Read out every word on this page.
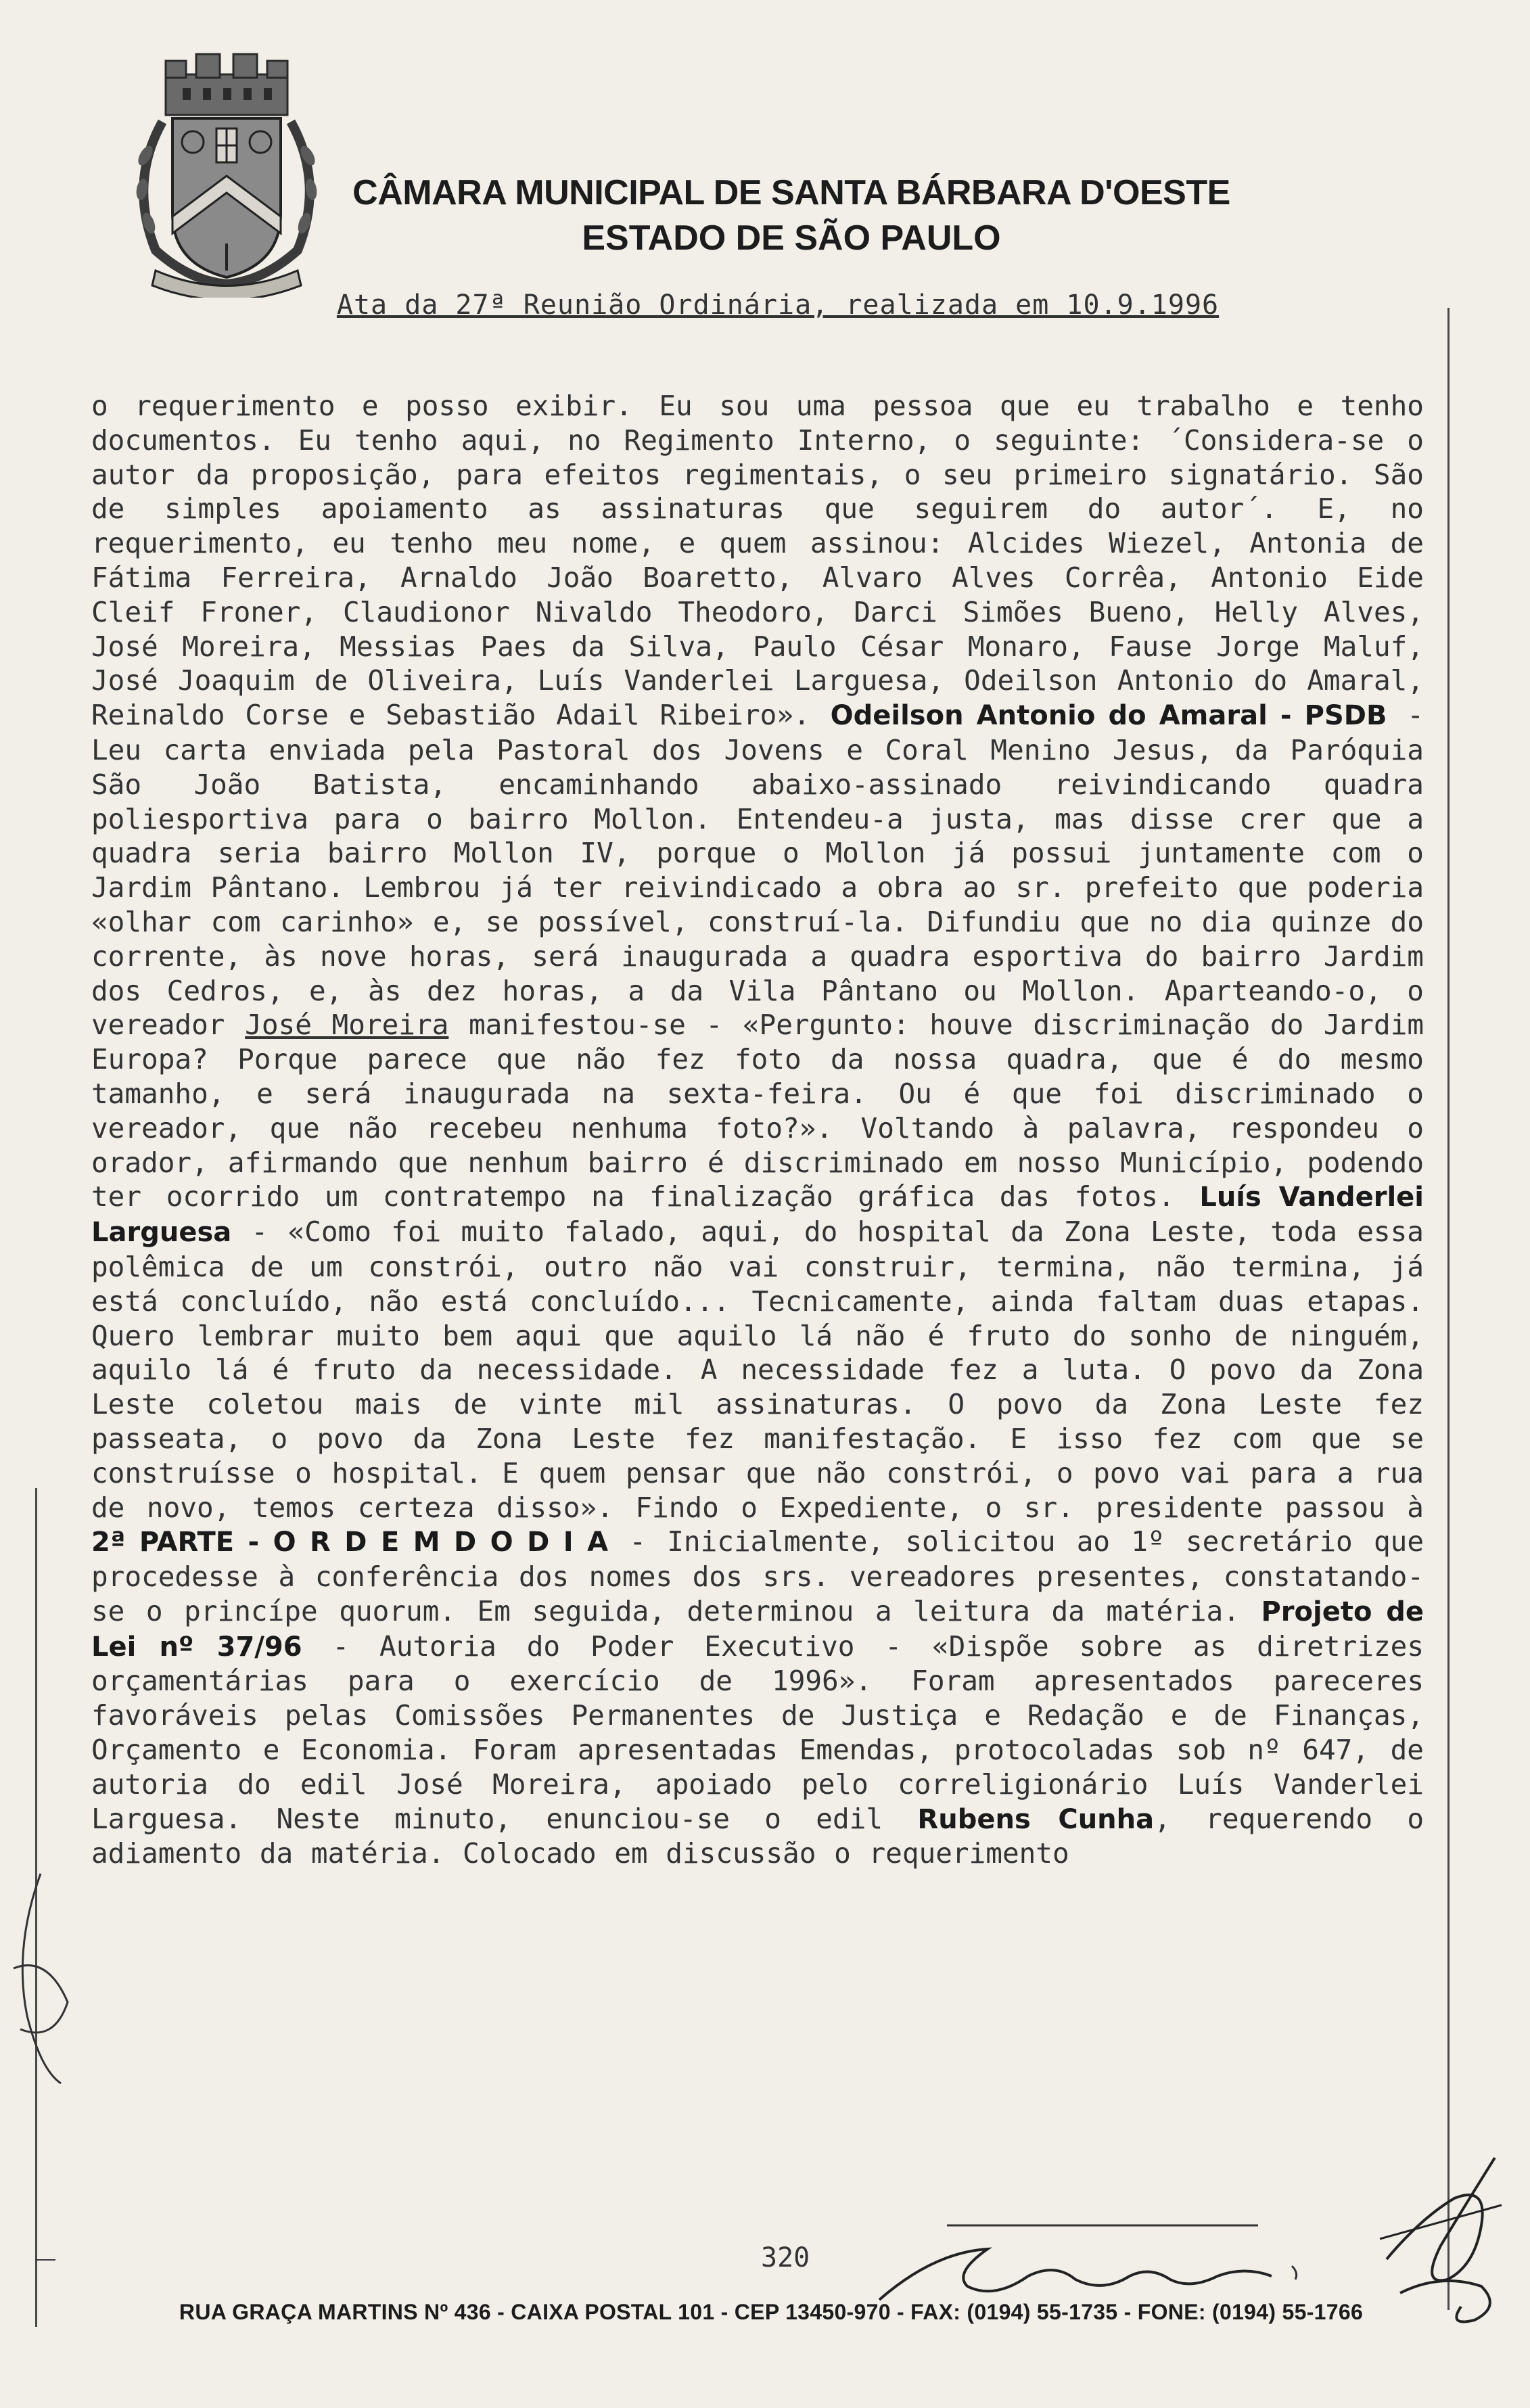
CÂMARA MUNICIPAL DE SANTA BÁRBARA D'OESTE
ESTADO DE SÃO PAULO
Ata da 27ª Reunião Ordinária, realizada em 10.9.1996
o requerimento e posso exibir. Eu sou uma pessoa que eu trabalho e tenho documentos. Eu tenho aqui, no Regimento Interno, o seguinte: ´Considera-se o autor da proposição, para efeitos regimentais, o seu primeiro signatário. São de simples apoiamento as assinaturas que seguirem do autor´. E, no requerimento, eu tenho meu nome, e quem assinou: Alcides Wiezel, Antonia de Fátima Ferreira, Arnaldo João Boaretto, Alvaro Alves Corrêa, Antonio Eide Cleif Froner, Claudionor Nivaldo Theodoro, Darci Simões Bueno, Helly Alves, José Moreira, Messias Paes da Silva, Paulo César Monaro, Fause Jorge Maluf, José Joaquim de Oliveira, Luís Vanderlei Larguesa, Odeilson Antonio do Amaral, Reinaldo Corse e Sebastião Adail Ribeiro». Odeilson Antonio do Amaral - PSDB - Leu carta enviada pela Pastoral dos Jovens e Coral Menino Jesus, da Paróquia São João Batista, encaminhando abaixo-assinado reivindicando quadra poliesportiva para o bairro Mollon. Entendeu-a justa, mas disse crer que a quadra seria bairro Mollon IV, porque o Mollon já possui juntamente com o Jardim Pântano. Lembrou já ter reivindicado a obra ao sr. prefeito que poderia «olhar com carinho» e, se possível, construí-la. Difundiu que no dia quinze do corrente, às nove horas, será inaugurada a quadra esportiva do bairro Jardim dos Cedros, e, às dez horas, a da Vila Pântano ou Mollon. Aparteando-o, o vereador José Moreira manifestou-se - «Pergunto: houve discriminação do Jardim Europa? Porque parece que não fez foto da nossa quadra, que é do mesmo tamanho, e será inaugurada na sexta-feira. Ou é que foi discriminado o vereador, que não recebeu nenhuma foto?». Voltando à palavra, respondeu o orador, afirmando que nenhum bairro é discriminado em nosso Município, podendo ter ocorrido um contratempo na finalização gráfica das fotos. Luís Vanderlei Larguesa - «Como foi muito falado, aqui, do hospital da Zona Leste, toda essa polêmica de um constrói, outro não vai construir, termina, não termina, já está concluído, não está concluído... Tecnicamente, ainda faltam duas etapas. Quero lembrar muito bem aqui que aquilo lá não é fruto do sonho de ninguém, aquilo lá é fruto da necessidade. A necessidade fez a luta. O povo da Zona Leste coletou mais de vinte mil assinaturas. O povo da Zona Leste fez passeata, o povo da Zona Leste fez manifestação. E isso fez com que se construísse o hospital. E quem pensar que não constrói, o povo vai para a rua de novo, temos certeza disso». Findo o Expediente, o sr. presidente passou à 2ª PARTE - O R D E M D O D I A - Inicialmente, solicitou ao 1º secretário que procedesse à conferência dos nomes dos srs. vereadores presentes, constatando-se o princípe quorum. Em seguida, determinou a leitura da matéria. Projeto de Lei nº 37/96 - Autoria do Poder Executivo - «Dispõe sobre as diretrizes orçamentárias para o exercício de 1996». Foram apresentados pareceres favoráveis pelas Comissões Permanentes de Justiça e Redação e de Finanças, Orçamento e Economia. Foram apresentadas Emendas, protocoladas sob nº 647, de autoria do edil José Moreira, apoiado pelo correligionário Luís Vanderlei Larguesa. Neste minuto, enunciou-se o edil Rubens Cunha, requerendo o adiamento da matéria. Colocado em discussão o requerimento
320
RUA GRAÇA MARTINS Nº 436 - CAIXA POSTAL 101 - CEP 13450-970 - FAX: (0194) 55-1735 - FONE: (0194) 55-1766
